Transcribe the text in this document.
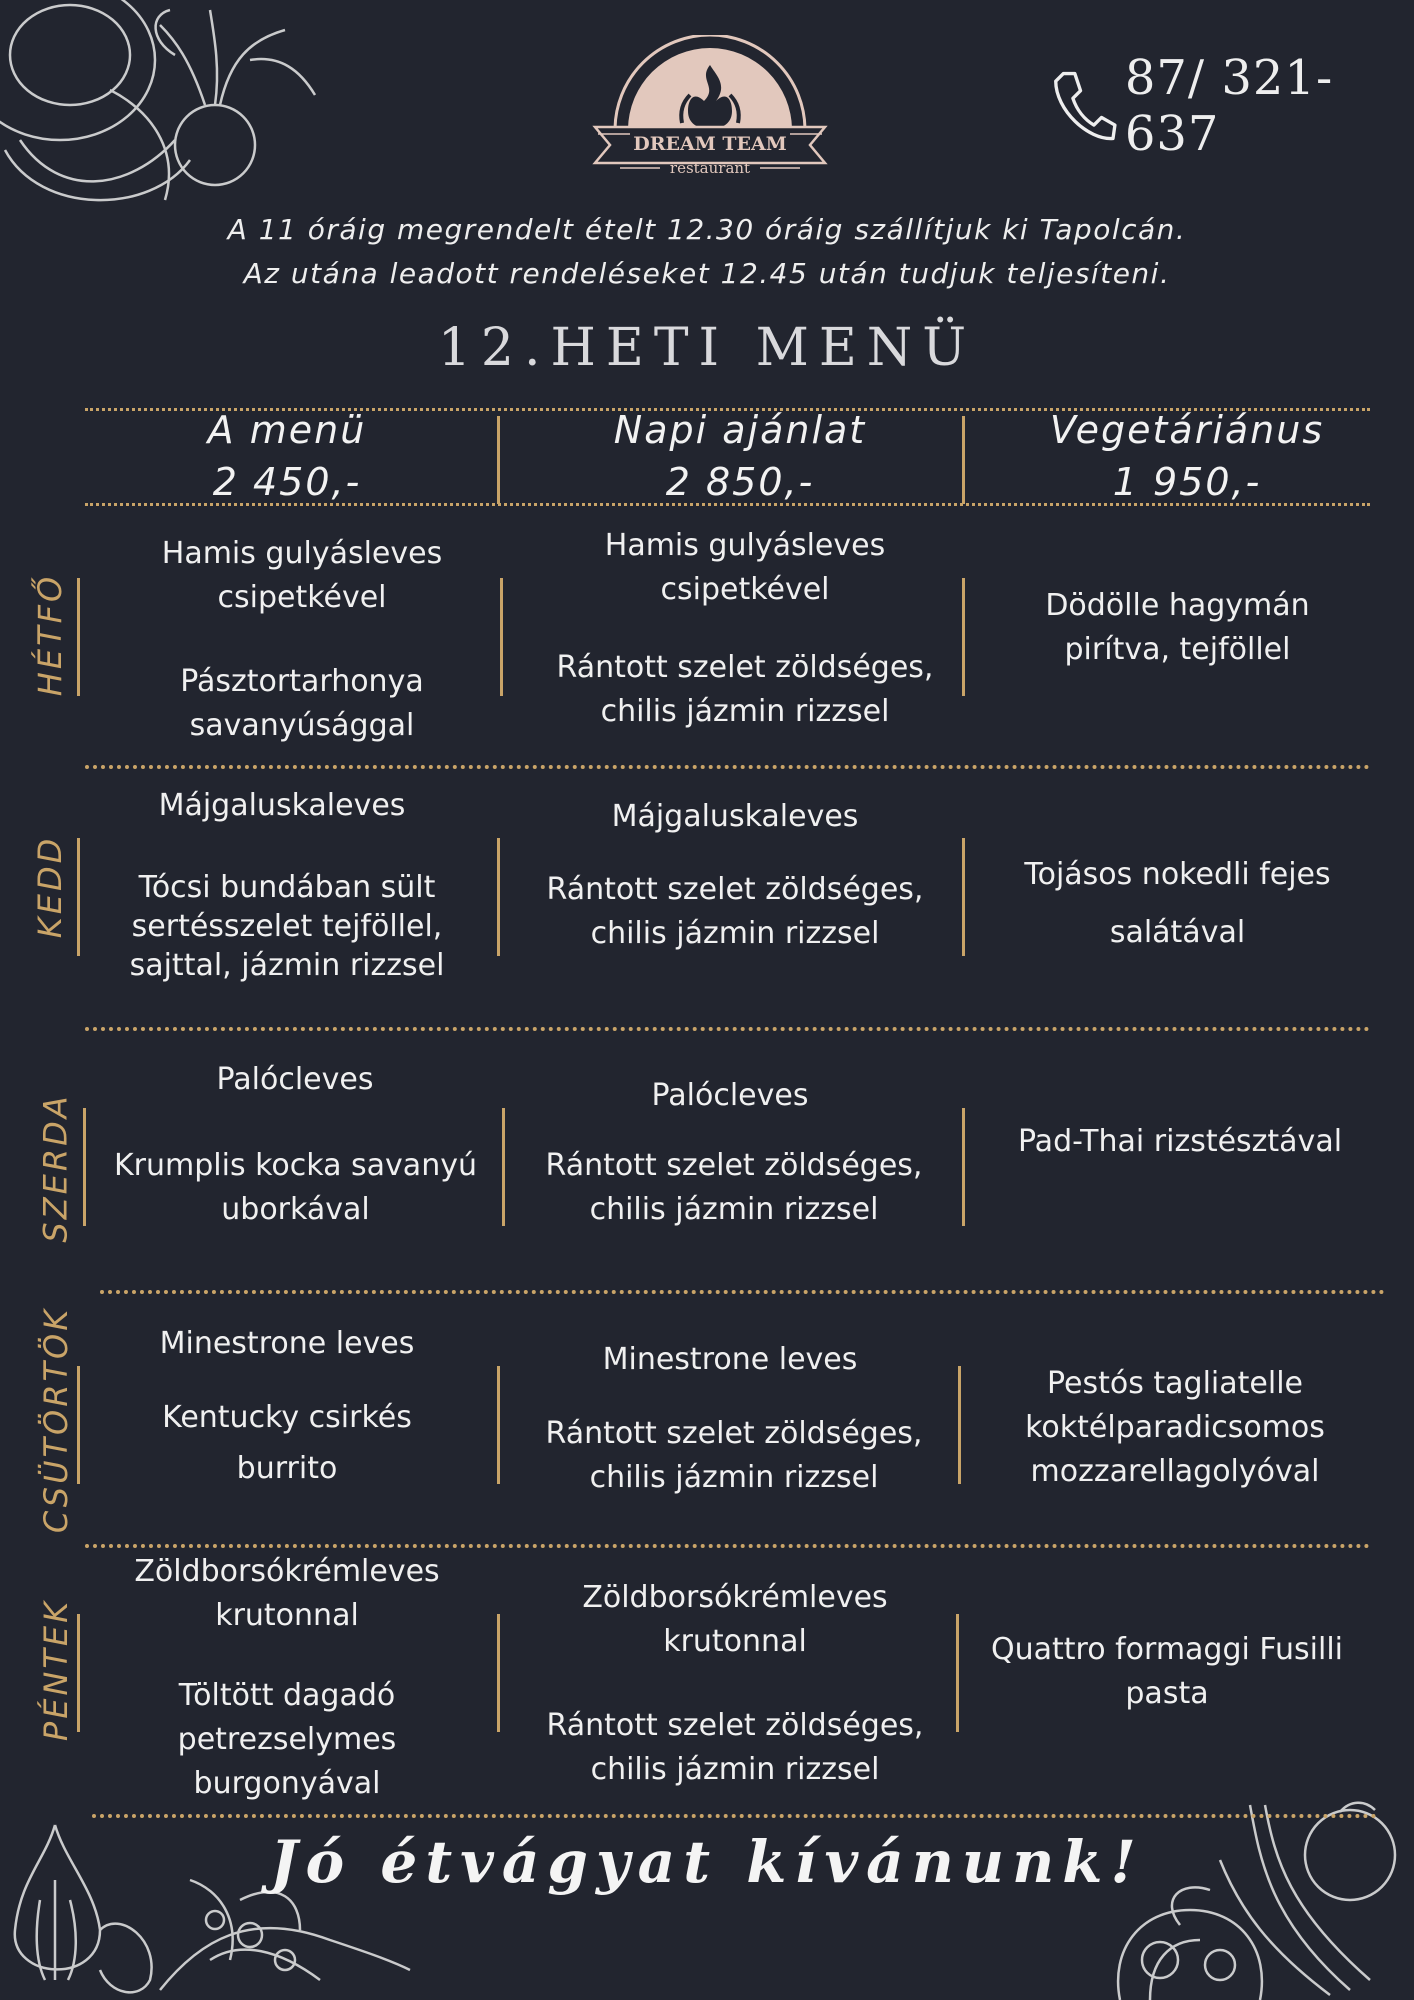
DREAM TEAM
restaurant
87/ 321-637
A 11 óráig megrendelt ételt 12.30 óráig szállítjuk ki Tapolcán.
Az utána leadott rendeléseket 12.45 után tudjuk teljesíteni.
12.HETI MENÜ
A menü
2 450,-
Napi ajánlat
2 850,-
Vegetáriánus
1 950,-
HÉTFŐ
Hamis gulyásleves
csipetkével
Pásztortarhonya
savanyúsággal
Hamis gulyásleves
csipetkével
Rántott szelet zöldséges,
chilis jázmin rizzsel
Dödölle hagymán
pirítva, tejföllel
KEDD
Májgaluskaleves
Tócsi bundában sült
sertésszelet tejföllel,
sajttal, jázmin rizzsel
Májgaluskaleves
Rántott szelet zöldséges,
chilis jázmin rizzsel
Tojásos nokedli fejes
salátával
SZERDA
Palócleves
Krumplis kocka savanyú
uborkával
Palócleves
Rántott szelet zöldséges,
chilis jázmin rizzsel
Pad-Thai rizstésztával
CSÜTÖRTÖK	Minestrone leves
Kentucky csirkés
burrito
Minestrone leves
Rántott szelet zöldséges,
chilis jázmin rizzsel
Pestós tagliatelle
koktélparadicsomos
mozzarellagolyóval
PÉNTEK
Zöldborsókrémleves
krutonnal
Töltött dagadó
petrezselymes
burgonyával
Zöldborsókrémleves
krutonnal
Rántott szelet zöldséges,
chilis jázmin rizzsel
Quattro formaggi Fusilli
pasta
Jó étvágyat kívánunk!
